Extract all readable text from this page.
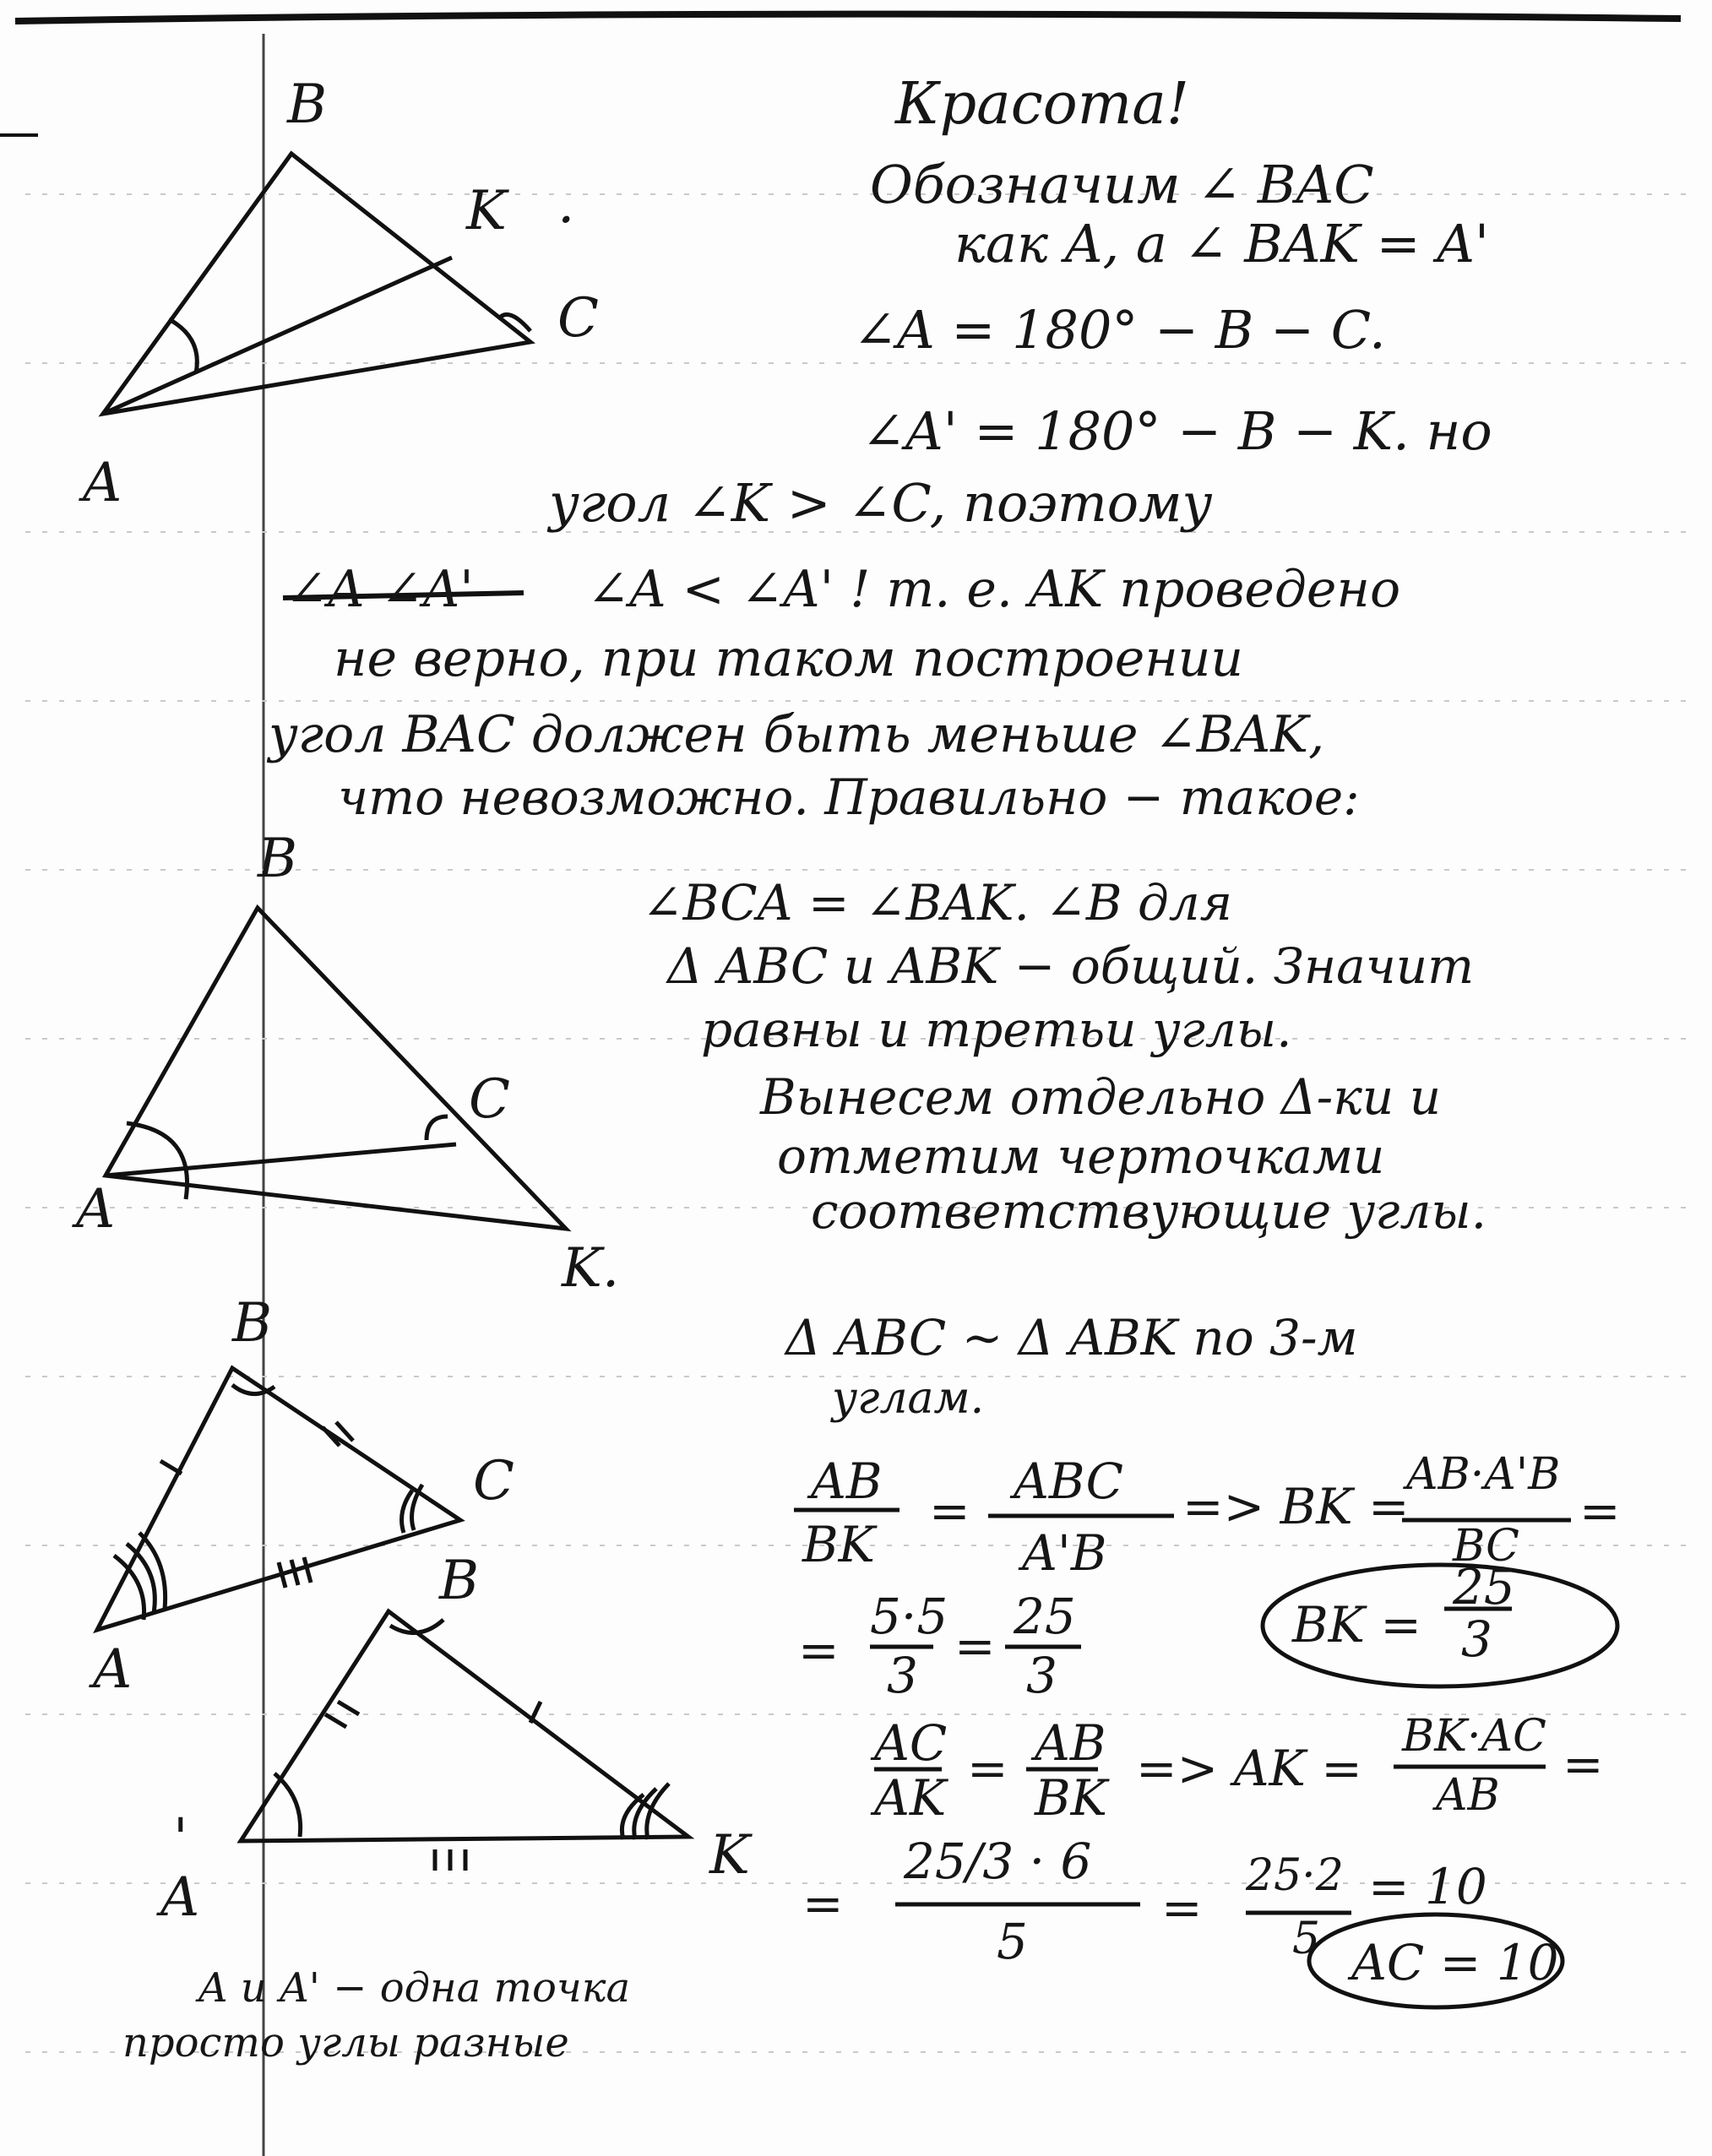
B
K
C
A
.
B
C
A
K.
B
C
A
B
K
A
'
Красота!
Обозначим ∠ BAC
как A, а ∠ BAK = A'
∠A = 180° − B − C.
∠A' = 180° − B − K. но
угол ∠K > ∠C, поэтому
∠A ∠A' ∠A < ∠A' ! т. е. AK проведено
не верно, при таком построении
угол BAC должен быть меньше ∠BAK,
что невозможно. Правильно − такое:
∠BCA = ∠BAK. ∠B для
Δ ABC и ABK − общий. Значит
равны и третьи углы.
Вынесем отдельно Δ-ки и
отметим черточками
соответствующие углы.
Δ ABC ∼ Δ ABK по 3-м
углам.
AB
BK
=
ABC
A'B
=> BK =
AB·A'B
BC
=
=
5·5
3
=
25
3
BK =
25
3
AC
AK
= AB
BK
=> AK =
BK·AC
AB
=
=
25/3 · 6
5
=
25·2
5
= 10
AC = 10
A и A' − одна точка
просто углы разные
